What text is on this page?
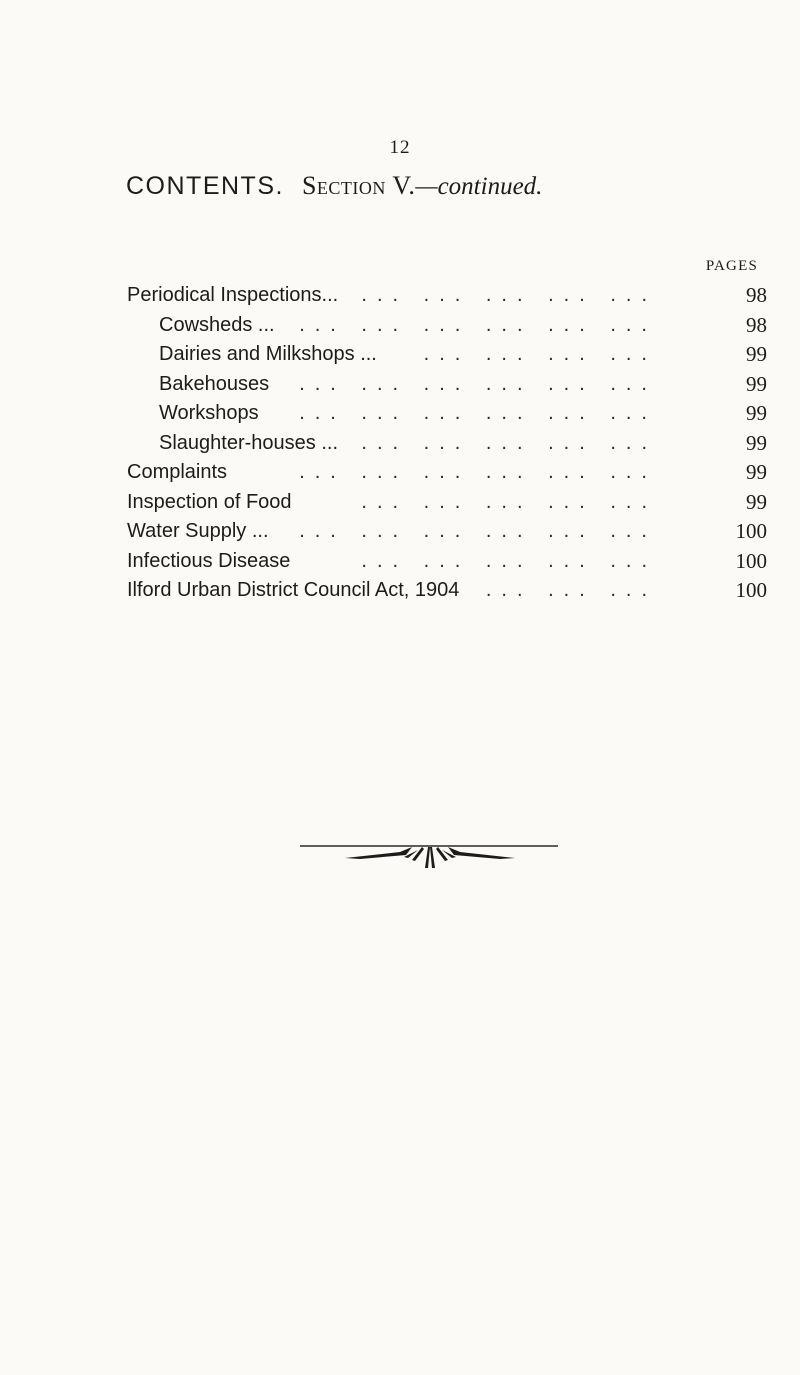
12
CONTENTS. Section V.—continued.
PAGES
Periodical Inspections...	... ... ... ... ...	98
Cowsheds ...	... ... ... ... ... ...	98
Dairies and Milkshops ...	... ... ... ...	99
Bakehouses	... ... ... ... ... ...	99
Workshops	... ... ... ... ... ...	99
Slaughter-houses ...	... ... ... ... ...	99
Complaints	... ... ... ... ... ...	99
Inspection of Food	... ... ... ... ...	99
Water Supply ...	... ... ... ... ... ...	100
Infectious Disease	... ... ... ... ...	100
Ilford Urban District Council Act, 1904	... ... ...	100
